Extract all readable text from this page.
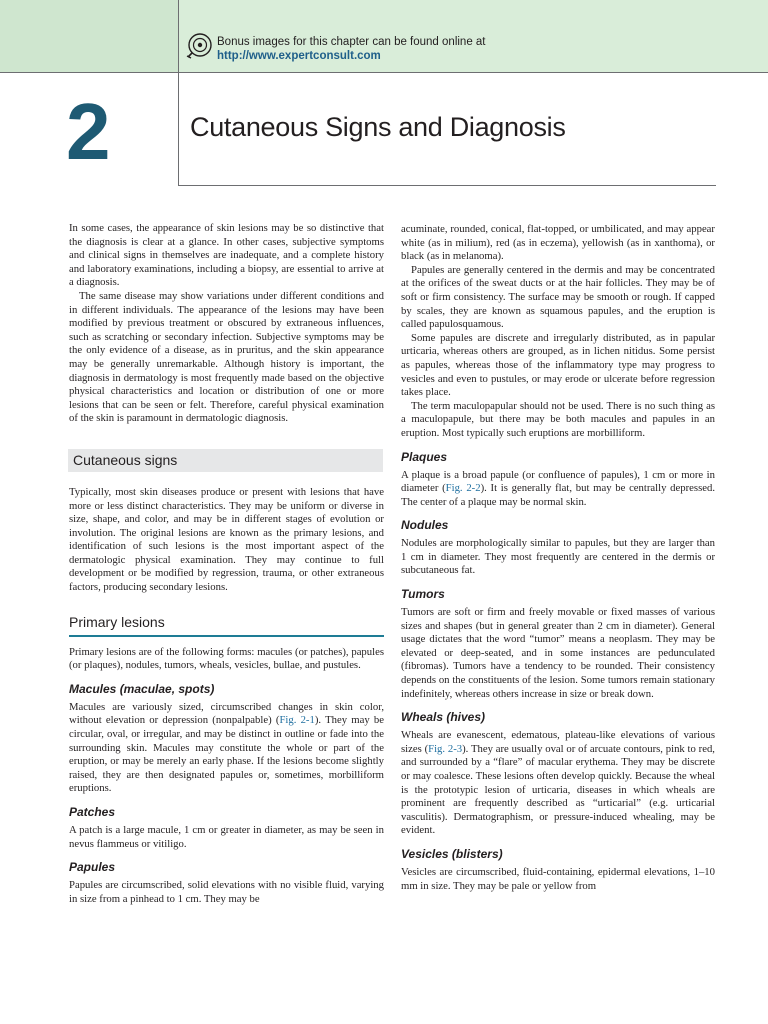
Bonus images for this chapter can be found online at
http://www.expertconsult.com
2	Cutaneous Signs and Diagnosis

In some cases, the appearance of skin lesions may be so distinctive that the diagnosis is clear at a glance. In other cases, subjective symptoms and clinical signs in themselves are inadequate, and a complete history and laboratory examinations, including a biopsy, are essential to arrive at a diagnosis.

The same disease may show variations under different conditions and in different individuals. The appearance of the lesions may have been modified by previous treatment or obscured by extraneous influences, such as scratching or secondary infection. Subjective symptoms may be the only evidence of a disease, as in pruritus, and the skin appearance may be generally unremarkable. Although history is important, the diagnosis in dermatology is most frequently made based on the objective physical characteristics and location or distribution of one or more lesions that can be seen or felt. Therefore, careful physical examination of the skin is paramount in dermatologic diagnosis.

Cutaneous signs

Typically, most skin diseases produce or present with lesions that have more or less distinct characteristics. They may be uniform or diverse in size, shape, and color, and may be in different stages of evolution or involution. The original lesions are known as the primary lesions, and identification of such lesions is the most important aspect of the dermatologic physical examination. They may continue to full development or be modified by regression, trauma, or other extraneous factors, producing secondary lesions.

Primary lesions

Primary lesions are of the following forms: macules (or patches), papules (or plaques), nodules, tumors, wheals, vesicles, bullae, and pustules.

Macules (maculae, spots)

Macules are variously sized, circumscribed changes in skin color, without elevation or depression (nonpalpable) (Fig. 2-1). They may be circular, oval, or irregular, and may be distinct in outline or fade into the surrounding skin. Macules may constitute the whole or part of the eruption, or may be merely an early phase. If the lesions become slightly raised, they are then designated papules or, sometimes, morbilliform eruptions.

Patches

A patch is a large macule, 1 cm or greater in diameter, as may be seen in nevus flammeus or vitiligo.

Papules

Papules are circumscribed, solid elevations with no visible fluid, varying in size from a pinhead to 1 cm. They may be

acuminate, rounded, conical, flat-topped, or umbilicated, and may appear white (as in milium), red (as in eczema), yellowish (as in xanthoma), or black (as in melanoma).

Papules are generally centered in the dermis and may be concentrated at the orifices of the sweat ducts or at the hair follicles. They may be of soft or firm consistency. The surface may be smooth or rough. If capped by scales, they are known as squamous papules, and the eruption is called papulosquamous.

Some papules are discrete and irregularly distributed, as in papular urticaria, whereas others are grouped, as in lichen nitidus. Some persist as papules, whereas those of the inflammatory type may progress to vesicles and even to pustules, or may erode or ulcerate before regression takes place.

The term maculopapular should not be used. There is no such thing as a maculopapule, but there may be both macules and papules in an eruption. Most typically such eruptions are morbilliform.

Plaques

A plaque is a broad papule (or confluence of papules), 1 cm or more in diameter (Fig. 2-2). It is generally flat, but may be centrally depressed. The center of a plaque may be normal skin.

Nodules

Nodules are morphologically similar to papules, but they are larger than 1 cm in diameter. They most frequently are centered in the dermis or subcutaneous fat.

Tumors

Tumors are soft or firm and freely movable or fixed masses of various sizes and shapes (but in general greater than 2 cm in diameter). General usage dictates that the word “tumor” means a neoplasm. They may be elevated or deep-seated, and in some instances are pedunculated (fibromas). Tumors have a tendency to be rounded. Their consistency depends on the constituents of the lesion. Some tumors remain stationary indefinitely, whereas others increase in size or break down.

Wheals (hives)

Wheals are evanescent, edematous, plateau-like elevations of various sizes (Fig. 2-3). They are usually oval or of arcuate contours, pink to red, and surrounded by a “flare” of macular erythema. They may be discrete or may coalesce. These lesions often develop quickly. Because the wheal is the prototypic lesion of urticaria, diseases in which wheals are prominent are frequently described as “urticarial” (e.g. urticarial vasculitis). Dermatographism, or pressure-induced whealing, may be evident.

Vesicles (blisters)

Vesicles are circumscribed, fluid-containing, epidermal elevations, 1–10 mm in size. They may be pale or yellow from
